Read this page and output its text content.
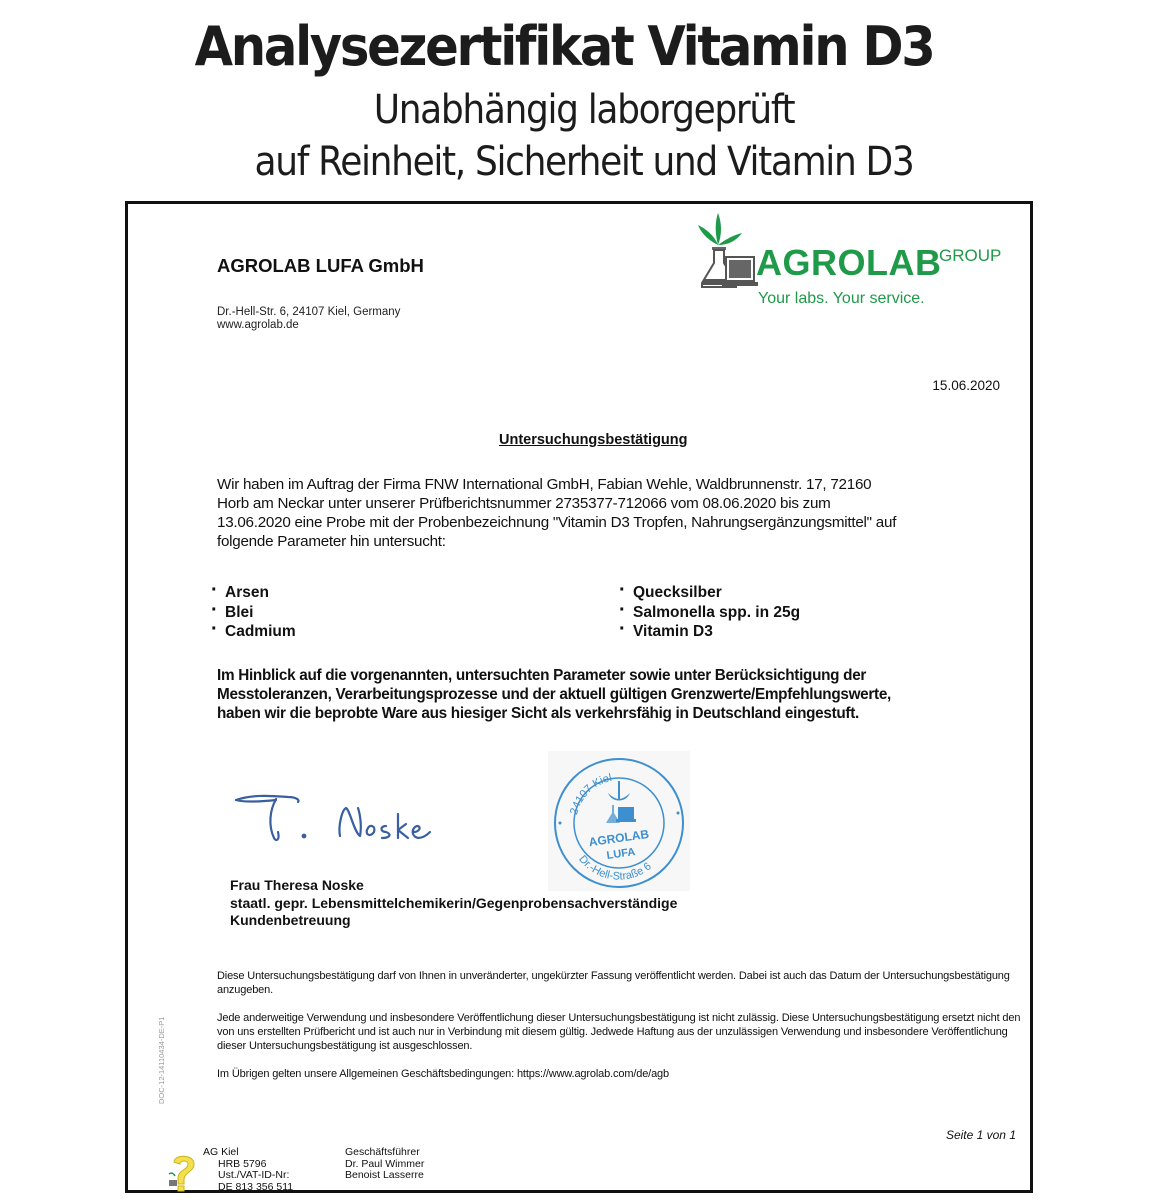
Analysezertifikat Vitamin D3
Unabhängig laborgeprüft
auf Reinheit, Sicherheit und Vitamin D3
AGROLAB LUFA GmbH
Dr.-Hell-Str. 6, 24107 Kiel, Germany
www.agrolab.de
AGROLAB
GROUP
Your labs. Your service.
15.06.2020
Untersuchungsbestätigung
Wir haben im Auftrag der Firma FNW International GmbH, Fabian Wehle, Waldbrunnenstr. 17, 72160
Horb am Neckar unter unserer Prüfberichtsnummer 2735377-712066 vom 08.06.2020 bis zum
13.06.2020 eine Probe mit der Probenbezeichnung "Vitamin D3 Tropfen, Nahrungsergänzungsmittel" auf
folgende Parameter hin untersucht:
· Arsen
· Blei
· Cadmium
· Quecksilber
· Salmonella spp. in 25g
· Vitamin D3
Im Hinblick auf die vorgenannten, untersuchten Parameter sowie unter Berücksichtigung der
Messtoleranzen, Verarbeitungsprozesse und der aktuell gültigen Grenzwerte/Empfehlungswerte,
haben wir die beprobte Ware aus hiesiger Sicht als verkehrsfähig in Deutschland eingestuft.
24107 Kiel
Dr.-Hell-Straße 6
AGROLAB
LUFA
Frau Theresa Noske
staatl. gepr. Lebensmittelchemikerin/Gegenprobensachverständige
Kundenbetreuung

Diese Untersuchungsbestätigung darf von Ihnen in unveränderter, ungekürzter Fassung veröffentlicht werden. Dabei ist auch das Datum der Untersuchungsbestätigung anzugeben.

Jede anderweitige Verwendung und insbesondere Veröffentlichung dieser Untersuchungsbestätigung ist nicht zulässig. Diese Untersuchungsbestätigung ersetzt nicht den von uns erstellten Prüfbericht und ist auch nur in Verbindung mit diesem gültig. Jedwede Haftung aus der unzulässigen Verwendung und insbesondere Veröffentlichung dieser Untersuchungsbestätigung ist ausgeschlossen.

Im Übrigen gelten unsere Allgemeinen Geschäftsbedingungen: https://www.agrolab.com/de/agb

Seite 1 von 1
DOC-12-14110434-DE-P1
AG Kiel
HRB 5796
Ust./VAT-ID-Nr:
DE 813 356 511
Geschäftsführer
Dr. Paul Wimmer
Benoist Lasserre
